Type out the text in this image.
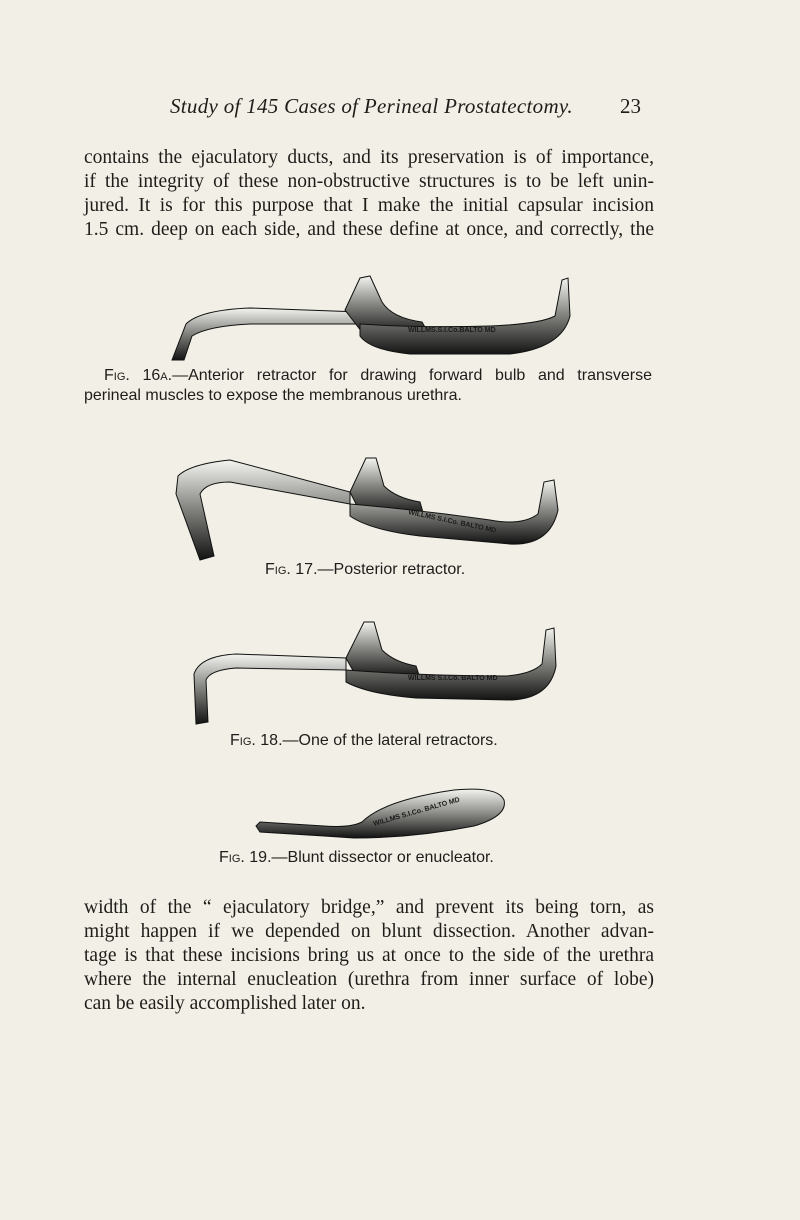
Study of 145 Cases of Perineal Prostatectomy. 23
contains the ejaculatory ducts, and its preservation is of importance,
if the integrity of these non-obstructive structures is to be left unin-
jured. It is for this purpose that I make the initial capsular incision
1.5 cm. deep on each side, and these define at once, and correctly, the
WILLMS.S.I.Co.BALTO MD
Fig. 16a.—Anterior retractor for drawing forward bulb and transverse
perineal muscles to expose the membranous urethra.
WILLMS S.I.Co. BALTO MD
Fig. 17.—Posterior retractor.
WILLMS S.I.Co. BALTO MD
Fig. 18.—One of the lateral retractors.
WILLMS S.I.Co. BALTO MD
Fig. 19.—Blunt dissector or enucleator.
width of the “ ejaculatory bridge,” and prevent its being torn, as
might happen if we depended on blunt dissection. Another advan-
tage is that these incisions bring us at once to the side of the urethra
where the internal enucleation (urethra from inner surface of lobe)
can be easily accomplished later on.
